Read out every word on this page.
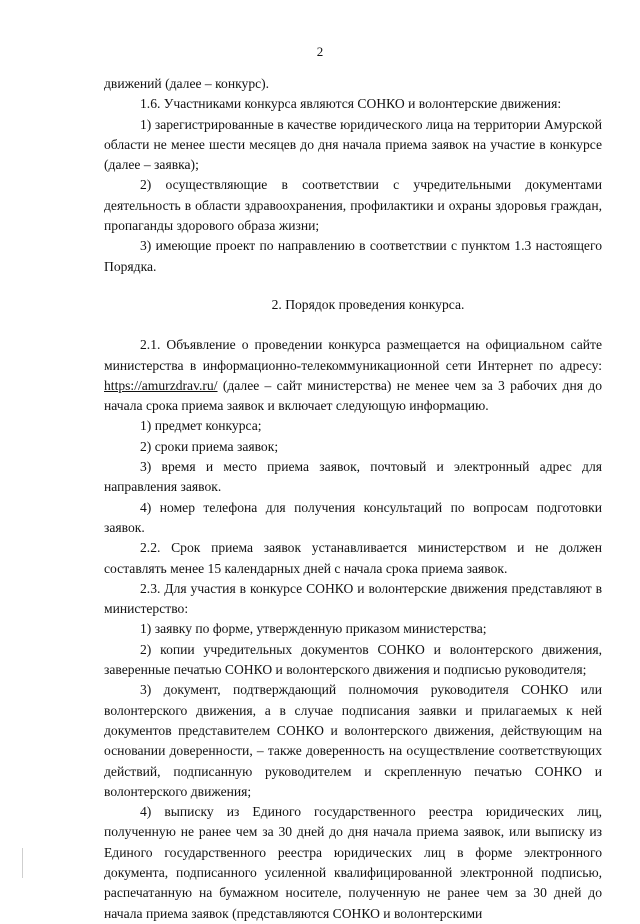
2

движений (далее – конкурс).

1.6. Участниками конкурса являются СОНКО и волонтерские движения:

1) зарегистрированные в качестве юридического лица на территории Амурской области не менее шести месяцев до дня начала приема заявок на участие в конкурсе (далее – заявка);

2) осуществляющие в соответствии с учредительными документами деятельность в области здравоохранения, профилактики и охраны здоровья граждан, пропаганды здорового образа жизни;

3) имеющие проект по направлению в соответствии с пунктом 1.3 настоящего Порядка.

2. Порядок проведения конкурса.

2.1. Объявление о проведении конкурса размещается на официальном сайте министерства в информационно-телекоммуникационной сети Интернет по адресу: https://amurzdrav.ru/ (далее – сайт министерства) не менее чем за 3 рабочих дня до начала срока приема заявок и включает следующую информацию.

1) предмет конкурса;

2) сроки приема заявок;

3) время и место приема заявок, почтовый и электронный адрес для направления заявок.

4) номер телефона для получения консультаций по вопросам подготовки заявок.

2.2. Срок приема заявок устанавливается министерством и не должен составлять менее 15 календарных дней с начала срока приема заявок.

2.3. Для участия в конкурсе СОНКО и волонтерские движения представляют в министерство:

1) заявку по форме, утвержденную приказом министерства;

2) копии учредительных документов СОНКО и волонтерского движения, заверенные печатью СОНКО и волонтерского движения и подписью руководителя;

3) документ, подтверждающий полномочия руководителя СОНКО или волонтерского движения, а в случае подписания заявки и прилагаемых к ней документов представителем СОНКО и волонтерского движения, действующим на основании доверенности, – также доверенность на осуществление соответствующих действий, подписанную руководителем и скрепленную печатью СОНКО и волонтерского движения;

4) выписку из Единого государственного реестра юридических лиц, полученную не ранее чем за 30 дней до дня начала приема заявок, или выписку из Единого государственного реестра юридических лиц в форме электронного документа, подписанного усиленной квалифицированной электронной подписью, распечатанную на бумажном носителе, полученную не ранее чем за 30 дней до начала приема заявок (представляются СОНКО и волонтерскими
